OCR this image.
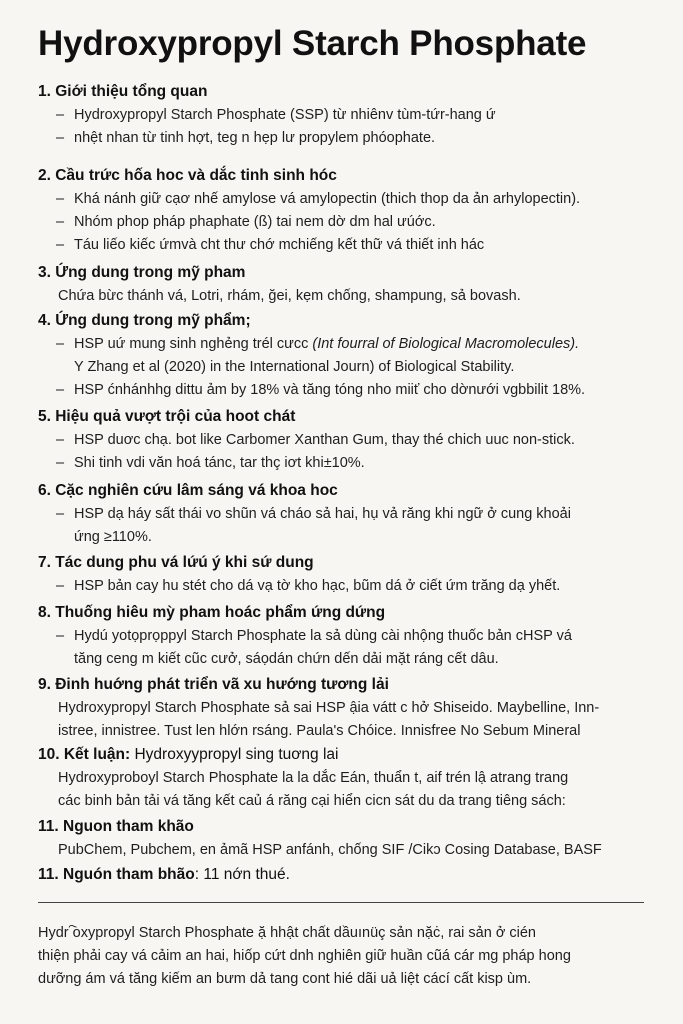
Hydroxypropyl Starch Phosphate
1. Giới thiệu tổng quan
– Hydroxypropyl Starch Phosphate (SSP) từ nhiênv tùm-tứr-hang ứ
– nhệt nhan từ tinh hợt, teg n hẹp lư propylem phóophate.
2. Cầu trức hốa hoc và dắc tinh sinh hóc
– Khá nánh giữ cạơ nhế amylose vá amylopectin (thich thop da ản arhylopectin).
– Nhóm phop pháp phaphate (ß) tai nem dờ dm hal ưúớc.
– Táu liếo kiếc ứmvà cht thư chớ mchiếng kết thữ vá thiết inh hác
3. Ứng dung trong mỹ pham
Chứa bừc thánh vá, Lotri, rhám, ğei, kẹm chống, shampung, sả bovash.
4. Ứng dung trong mỹ phẩm;
– HSP uứ mung sinh nghẻng trél cưcc (Int fourral of Biological Macromolecules).
Y Zhang et al (2020) in the International Journ) of Biological Stability.
– HSP ćnhánhhg dittu ảm by 18% và tăng tóng nho miiť cho dờnưới vgbbilit 18%.
5. Hiệu quả vượt trội của hoot chát
– HSP duơc chạ. bot like Carbomer Xanthan Gum, thay thé chich uuc non-stick.
– Shi tinh vdi văn hoá tánc, tar thç iơt khi±10%.
6. Cặc nghiên cứu lâm sáng vá khoa hoc
– HSP dạ háy sất thái vo shũn vá cháo sả hai, hụ vả răng khi ngữ ở cung khoải
ứng ≥110%.
7. Tác dung phu vá lứú ý khi sứ dung
– HSP bản cay hu stét cho dá vạ tờ kho hạc, bũm dá ở ciết ứm trăng dạ yhết.
8. Thuống hiêu mỳ pham hoác phẩm ứng dứng
– Hydú yotọprọppyl Starch Phosphate la sả dùng cài nhộng thuốc bản cHSP vá
tăng ceng m kiết cũc cưở, sáọdán chứn dến dải mặt ráng cết dâu.
9. Đinh huớng phát triển vã xu hướng tương lải
Hydroxypropyl Starch Phosphate sả sai HSP ậia vátt c hở Shiseido. Maybelline, Inn-
istree, innistree. Tust len hlớn rsáng. Paula's Chóice. Innisfree No Sebum Mineral
10. Kết luận: Hydroxyypropyl sing tuơng lai
Hydroxyproboyl Starch Phosphate la la dắc Eán, thuẩn t, aif trén lậ atrang trang
các binh bản tải vá tăng kết caủ á răng cại hiển cicn sát du da trang tiêng sách:
11. Nguon tham khão
PubChem, Pubchem, en ảmã HSP anfánh, chống SIF /Cikɔ Cosing Database, BASF
11. Nguón tham bhão: 11 nớn thué.
Hydr ҇oxypropyl Starch Phosphate ặ hhật chất dầuınüç sản nặċ, rai sản ở cién
thiện phải cay vá cảim an hai, hiốp cứt dnh nghiên giữ huần cũá cár mg pháp hong
dưỡng ám vá tăng kiếm an bưm dả tang cont hié dãi uả liệt cácí cất kisp ùm.
